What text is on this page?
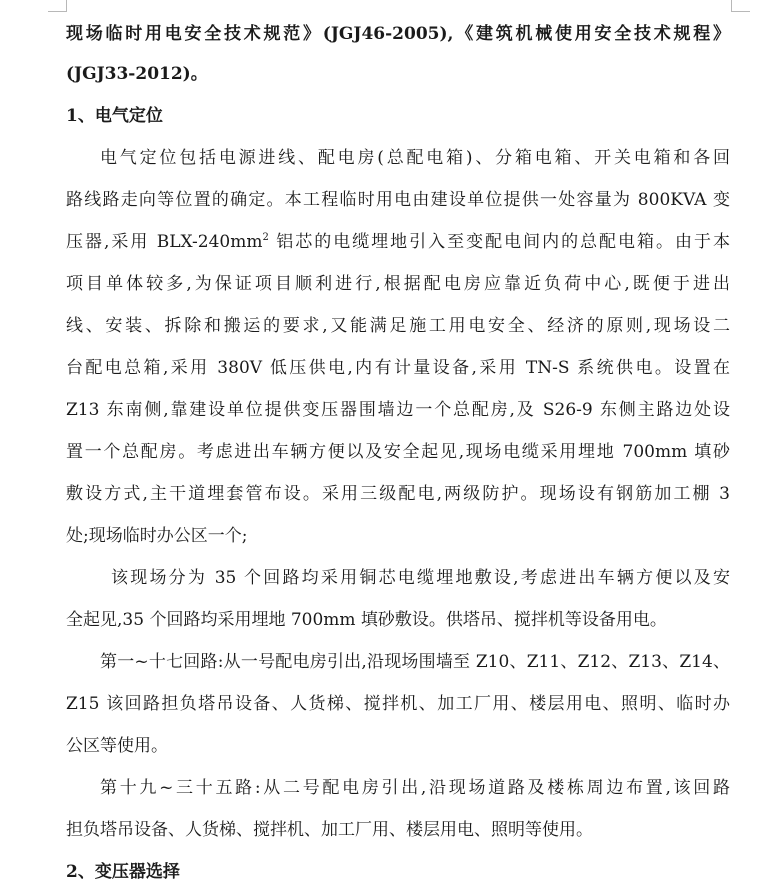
现场临时用电安全技术规范》(JGJ46-2005),《建筑机械使用安全技术规程》
(JGJ33-2012)。
1、电气定位
电气定位包括电源进线、配电房(总配电箱)、分箱电箱、开关电箱和各回
路线路走向等位置的确定。本工程临时用电由建设单位提供一处容量为 800KVA 变
压器,采用 BLX-$240mm^2$ 铝芯的电缆埋地引入至变配电间内的总配电箱。由于本
项目单体较多,为保证项目顺利进行,根据配电房应靠近负荷中心,既便于进出
线、安装、拆除和搬运的要求,又能满足施工用电安全、经济的原则,现场设二
台配电总箱,采用 380V 低压供电,内有计量设备,采用 TN-S 系统供电。设置在
Z13 东南侧,靠建设单位提供变压器围墙边一个总配房,及 S26-9 东侧主路边处设
置一个总配房。考虑进出车辆方便以及安全起见,现场电缆采用埋地 700mm 填砂
敷设方式,主干道埋套管布设。采用三级配电,两级防护。现场设有钢筋加工棚 3
处;现场临时办公区一个;
该现场分为 35 个回路均采用铜芯电缆埋地敷设,考虑进出车辆方便以及安
全起见,35 个回路均采用埋地 700mm 填砂敷设。供塔吊、搅拌机等设备用电。
第一~十七回路:从一号配电房引出,沿现场围墙至 Z10、Z11、Z12、Z13、Z14、
Z15 该回路担负塔吊设备、人货梯、搅拌机、加工厂用、楼层用电、照明、临时办
公区等使用。
第十九~三十五路:从二号配电房引出,沿现场道路及楼栋周边布置,该回路
担负塔吊设备、人货梯、搅拌机、加工厂用、楼层用电、照明等使用。
2、变压器选择
